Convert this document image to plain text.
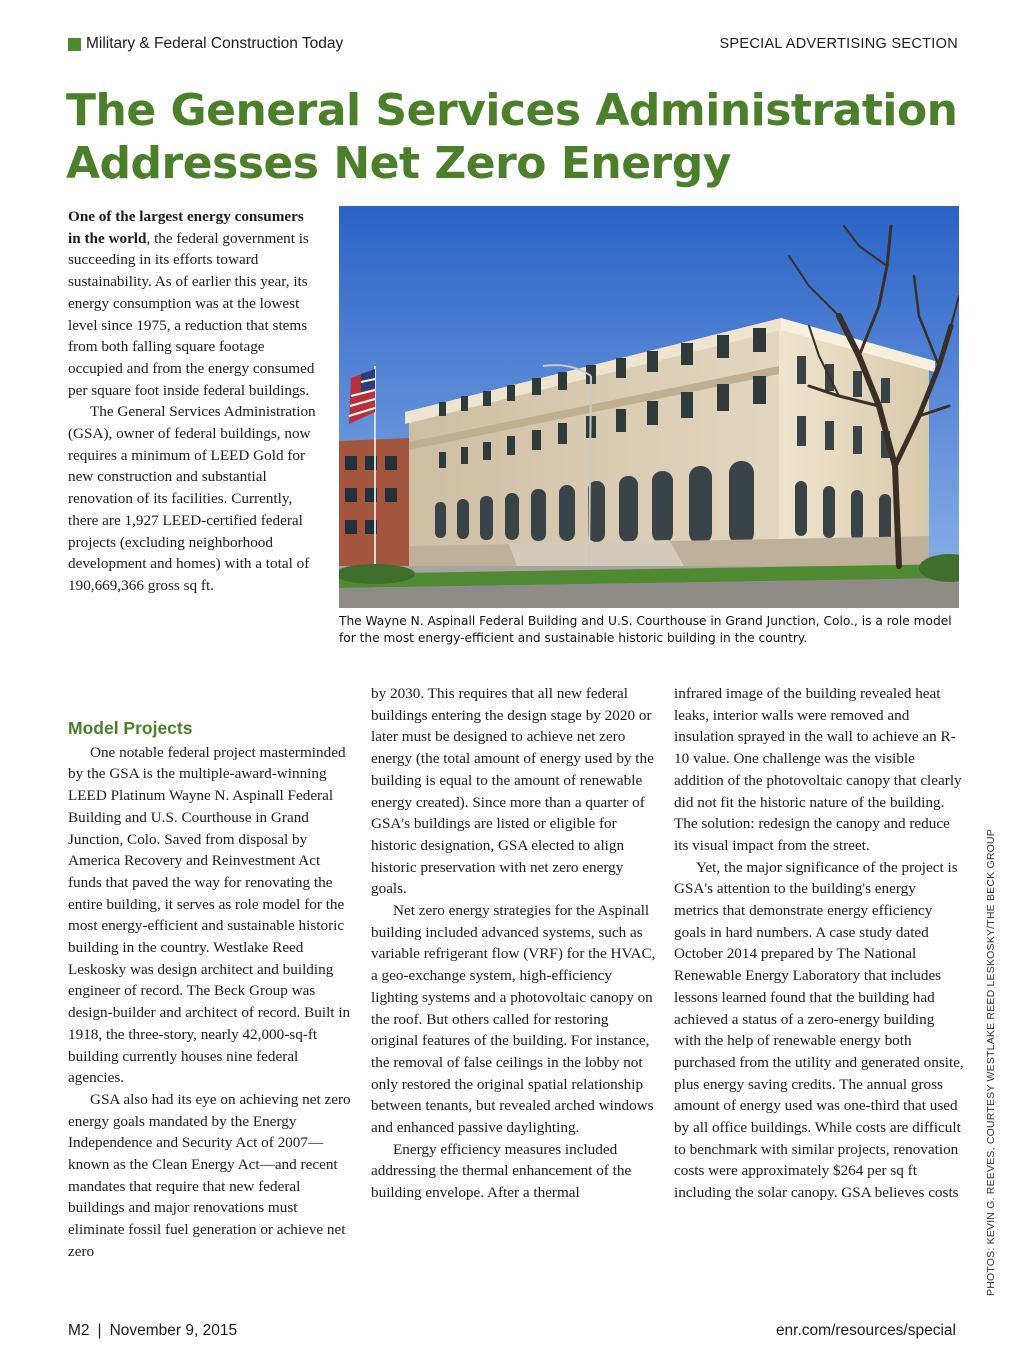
Military & Federal Construction Today	SPECIAL ADVERTISING SECTION
The General Services Administration
Addresses Net Zero Energy

One of the largest energy consumers in the world, the federal government is succeeding in its efforts toward sustainability. As of earlier this year, its energy consumption was at the lowest level since 1975, a reduction that stems from both falling square footage occupied and from the energy consumed per square foot inside federal buildings.

The General Services Administration (GSA), owner of federal buildings, now requires a minimum of LEED Gold for new construction and substantial renovation of its facilities. Currently, there are 1,927 LEED-certified federal projects (excluding neighborhood development and homes) with a total of 190,669,366 gross sq ft.

The Wayne N. Aspinall Federal Building and U.S. Courthouse in Grand Junction, Colo., is a role model for the most energy-efficient and sustainable historic building in the country.
PHOTOS: KEVIN G. REEVES, COURTESY WESTLAKE REED LESKOSKY/THE BECK GROUP
Model Projects

One notable federal project masterminded by the GSA is the multiple-award-winning LEED Platinum Wayne N. Aspinall Federal Building and U.S. Courthouse in Grand Junction, Colo. Saved from disposal by America Recovery and Reinvestment Act funds that paved the way for renovating the entire building, it serves as role model for the most energy-efficient and sustainable historic building in the country. Westlake Reed Leskosky was design architect and building engineer of record. The Beck Group was design-builder and architect of record. Built in 1918, the three-story, nearly 42,000-sq-ft building currently houses nine federal agencies.

GSA also had its eye on achieving net zero energy goals mandated by the Energy Independence and Security Act of 2007—known as the Clean Energy Act—and recent mandates that require that new federal buildings and major renovations must eliminate fossil fuel generation or achieve net zero

by 2030. This requires that all new federal buildings entering the design stage by 2020 or later must be designed to achieve net zero energy (the total amount of energy used by the building is equal to the amount of renewable energy created). Since more than a quarter of GSA's buildings are listed or eligible for historic designation, GSA elected to align historic preservation with net zero energy goals.

Net zero energy strategies for the Aspinall building included advanced systems, such as variable refrigerant flow (VRF) for the HVAC, a geo-exchange system, high-efficiency lighting systems and a photovoltaic canopy on the roof. But others called for restoring original features of the building. For instance, the removal of false ceilings in the lobby not only restored the original spatial relationship between tenants, but revealed arched windows and enhanced passive daylighting.

Energy efficiency measures included addressing the thermal enhancement of the building envelope. After a thermal

infrared image of the building revealed heat leaks, interior walls were removed and insulation sprayed in the wall to achieve an R-10 value. One challenge was the visible addition of the photovoltaic canopy that clearly did not fit the historic nature of the building. The solution: redesign the canopy and reduce its visual impact from the street.

Yet, the major significance of the project is GSA's attention to the building's energy metrics that demonstrate energy efficiency goals in hard numbers. A case study dated October 2014 prepared by The National Renewable Energy Laboratory that includes lessons learned found that the building had achieved a status of a zero-energy building with the help of renewable energy both purchased from the utility and generated onsite, plus energy saving credits. The annual gross amount of energy used was one-third that used by all office buildings. While costs are difficult to benchmark with similar projects, renovation costs were approximately $264 per sq ft including the solar canopy. GSA believes costs

M2 | November 9, 2015	enr.com/resources/special
